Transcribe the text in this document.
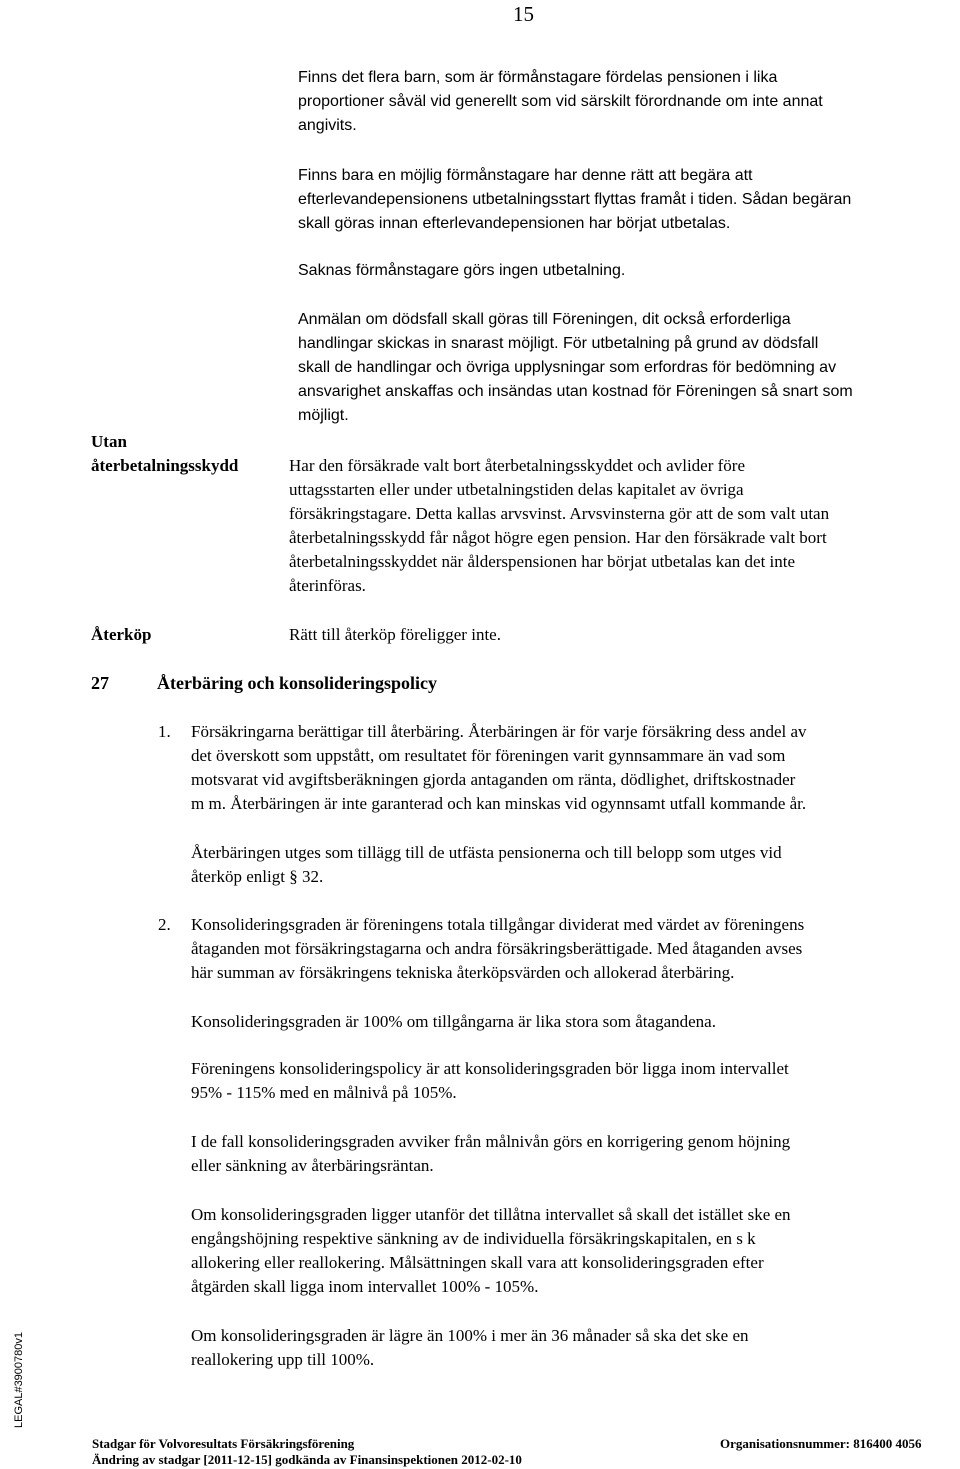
15
Finns det flera barn, som är förmånstagare fördelas pensionen i lika
proportioner såväl vid generellt som vid särskilt förordnande om inte annat
angivits.
Finns bara en möjlig förmånstagare har denne rätt att begära att
efterlevandepensionens utbetalningsstart flyttas framåt i tiden. Sådan begäran
skall göras innan efterlevandepensionen har börjat utbetalas.
Saknas förmånstagare görs ingen utbetalning.
Anmälan om dödsfall skall göras till Föreningen, dit också erforderliga
handlingar skickas in snarast möjligt. För utbetalning på grund av dödsfall
skall de handlingar och övriga upplysningar som erfordras för bedömning av
ansvarighet anskaffas och insändas utan kostnad för Föreningen så snart som
möjligt.
Utan
återbetalningsskydd	Har den försäkrade valt bort återbetalningsskyddet och avlider före
uttagsstarten eller under utbetalningstiden delas kapitalet av övriga
försäkringstagare. Detta kallas arvsvinst. Arvsvinsterna gör att de som valt utan
återbetalningsskydd får något högre egen pension. Har den försäkrade valt bort
återbetalningsskyddet när ålderspensionen har börjat utbetalas kan det inte
återinföras.
Återköp	Rätt till återköp föreligger inte.
27	Återbäring och konsolideringspolicy
1. Försäkringarna berättigar till återbäring. Återbäringen är för varje försäkring dess andel av
det överskott som uppstått, om resultatet för föreningen varit gynnsammare än vad som
motsvarat vid avgiftsberäkningen gjorda antaganden om ränta, dödlighet, driftskostnader
m m. Återbäringen är inte garanterad och kan minskas vid ogynnsamt utfall kommande år.
Återbäringen utges som tillägg till de utfästa pensionerna och till belopp som utges vid
återköp enligt § 32.
2. Konsolideringsgraden är föreningens totala tillgångar dividerat med värdet av föreningens
åtaganden mot försäkringstagarna och andra försäkringsberättigade. Med åtaganden avses
här summan av försäkringens tekniska återköpsvärden och allokerad återbäring.
Konsolideringsgraden är 100% om tillgångarna är lika stora som åtagandena.
Föreningens konsolideringspolicy är att konsolideringsgraden bör ligga inom intervallet
95% - 115% med en målnivå på 105%.
I de fall konsolideringsgraden avviker från målnivån görs en korrigering genom höjning
eller sänkning av återbäringsräntan.
Om konsolideringsgraden ligger utanför det tillåtna intervallet så skall det istället ske en
engångshöjning respektive sänkning av de individuella försäkringskapitalen, en s k
allokering eller reallokering. Målsättningen skall vara att konsolideringsgraden efter
åtgärden skall ligga inom intervallet 100% - 105%.
Om konsolideringsgraden är lägre än 100% i mer än 36 månader så ska det ske en
reallokering upp till 100%.
LEGAL#3900780v1
Stadgar för Volvoresultats Försäkringsförening	Organisationsnummer: 816400 4056
Ändring av stadgar [2011-12-15] godkända av Finansinspektionen 2012-02-10
